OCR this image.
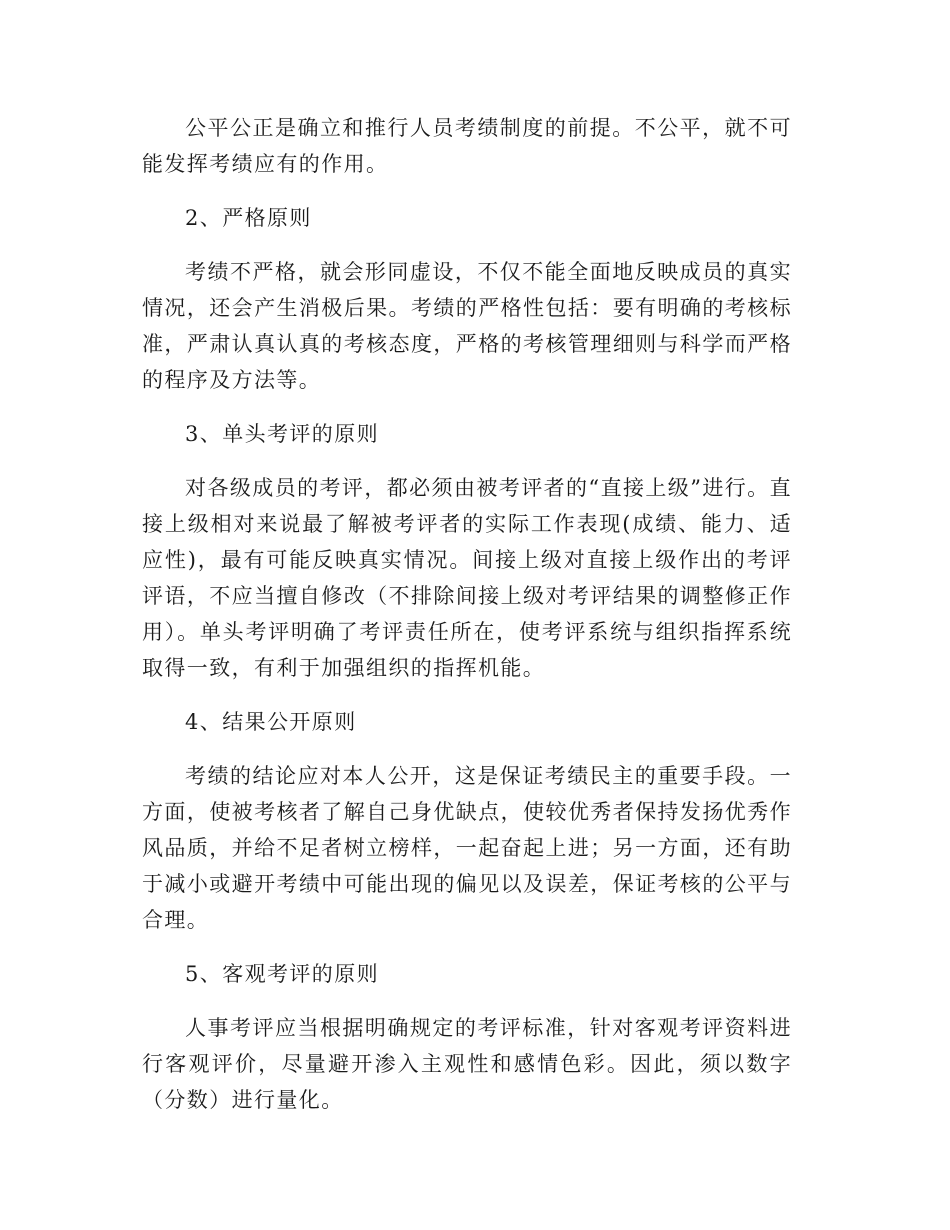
公平公正是确立和推行人员考绩制度的前提。不公平，就不可能发挥考绩应有的作用。

2、严格原则

考绩不严格，就会形同虚设，不仅不能全面地反映成员的真实情况，还会产生消极后果。考绩的严格性包括：要有明确的考核标准，严肃认真认真的考核态度，严格的考核管理细则与科学而严格的程序及方法等。

3、单头考评的原则

对各级成员的考评，都必须由被考评者的“直接上级”进行。直接上级相对来说最了解被考评者的实际工作表现(成绩、能力、适应性)，最有可能反映真实情况。间接上级对直接上级作出的考评评语，不应当擅自修改（不排除间接上级对考评结果的调整修正作用）。单头考评明确了考评责任所在，使考评系统与组织指挥系统取得一致，有利于加强组织的指挥机能。

4、结果公开原则

考绩的结论应对本人公开，这是保证考绩民主的重要手段。一方面，使被考核者了解自己身优缺点，使较优秀者保持发扬优秀作风品质，并给不足者树立榜样，一起奋起上进；另一方面，还有助于减小或避开考绩中可能出现的偏见以及误差，保证考核的公平与合理。

5、客观考评的原则

人事考评应当根据明确规定的考评标准，针对客观考评资料进行客观评价，尽量避开渗入主观性和感情色彩。因此，须以数字（分数）进行量化。
